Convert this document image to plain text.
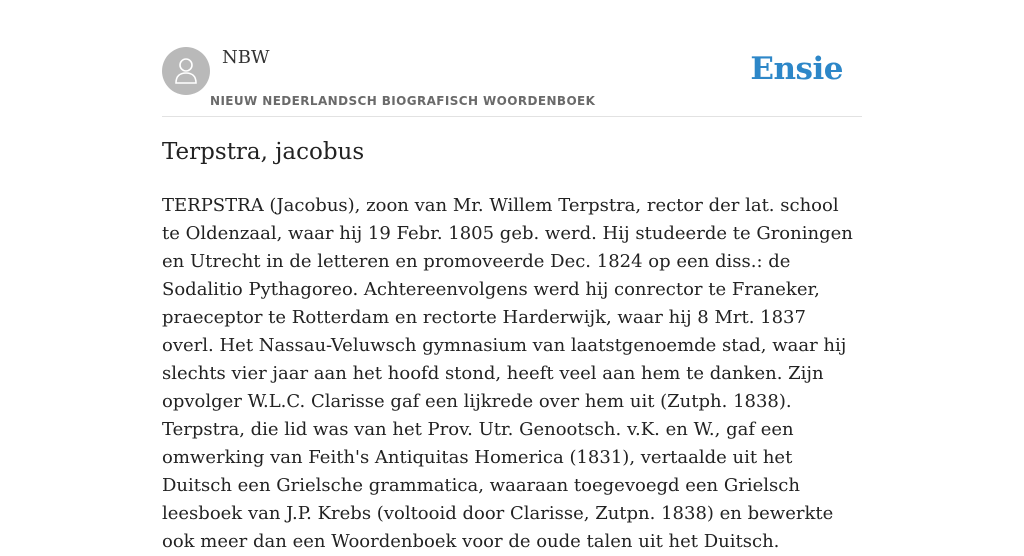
NBW
NIEUW NEDERLANDSCH BIOGRAFISCH WOORDENBOEK
Ensie
Terpstra, jacobus

TERPSTRA (Jacobus), zoon van Mr. Willem Terpstra, rector der lat. school te Oldenzaal, waar hij 19 Febr. 1805 geb. werd. Hij studeerde te Groningen en Utrecht in de letteren en promoveerde Dec. 1824 op een diss.: de Sodalitio Pythagoreo. Achtereenvolgens werd hij conrector te Franeker, praeceptor te Rotterdam en rectorte Harderwijk, waar hij 8 Mrt. 1837 overl. Het Nassau-Veluwsch gymnasium van laatstgenoemde stad, waar hij slechts vier jaar aan het hoofd stond, heeft veel aan hem te danken. Zijn opvolger W.L.C. Clarisse gaf een lijkrede over hem uit (Zutph. 1838). Terpstra, die lid was van het Prov. Utr. Genootsch. v.K. en W., gaf een omwerking van Feith's Antiquitas Homerica (1831), vertaalde uit het Duitsch een Grielsche grammatica, waaraan toegevoegd een Grielsch leesboek van J.P. Krebs (voltooid door Clarisse, Zutpn. 1838) en bewerkte ook meer dan een Woordenboek voor de oude talen uit het Duitsch.
